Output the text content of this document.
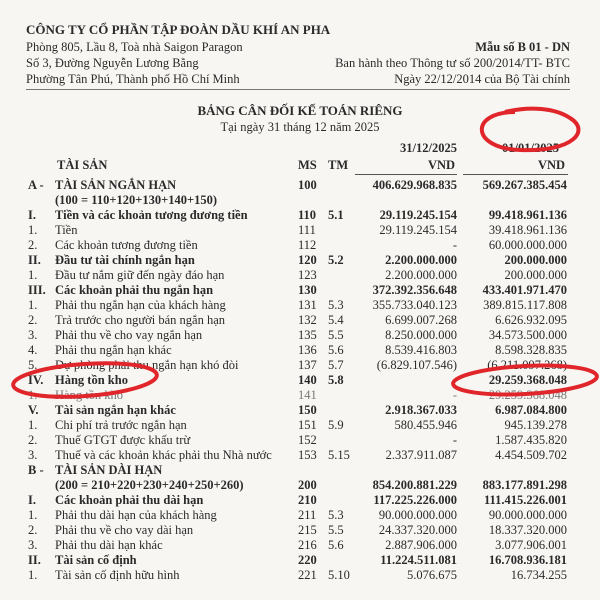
CÔNG TY CỔ PHẦN TẬP ĐOÀN DẦU KHÍ AN PHA
Phòng 805, Lầu 8, Toà nhà Saigon Paragon
Số 3, Đường Nguyễn Lương Bằng
Phường Tân Phú, Thành phố Hồ Chí Minh
Mẫu số B 01 - DN
Ban hành theo Thông tư số 200/2014/TT- BTC
Ngày 22/12/2014 của Bộ Tài chính
BẢNG CÂN ĐỐI KẾ TOÁN RIÊNG
Tại ngày 31 tháng 12 năm 2025
31/12/2025	01/01/2025
TÀI SẢN	MS TM	VND	VND
A - TÀI SẢN NGẮN HẠN	100	406.629.968.835 569.267.385.454
(100 = 110+120+130+140+150)
I. Tiền và các khoản tương đương tiền	110 5.1	29.119.245.154	99.418.961.136
1. Tiền	111	29.119.245.154	39.418.961.136
2. Các khoản tương đương tiền	112	-	60.000.000.000
II. Đầu tư tài chính ngắn hạn	120 5.2	2.200.000.000	200.000.000
1. Đầu tư nắm giữ đến ngày đáo hạn	123	2.200.000.000	200.000.000
III. Các khoản phải thu ngắn hạn	130	372.392.356.648 433.401.971.470
1. Phải thu ngắn hạn của khách hàng	131 5.3 355.733.040.123 389.815.117.808
2. Trả trước cho người bán ngắn hạn	132 5.4	6.699.007.268	6.626.932.095
3. Phải thu về cho vay ngắn hạn	135 5.5	8.250.000.000	34.573.500.000
4. Phải thu ngắn hạn khác	136 5.6	8.539.416.803	8.598.328.835
5. Dự phòng phải thu ngắn hạn khó đòi	137 5.7	(6.829.107.546) (6.211.097.268)
IV. Hàng tồn kho	140 5.8	-	29.259.368.048
1. Hàng tồn kho	141	-	29.259.368.048
V. Tài sản ngắn hạn khác	150	2.918.367.033	6.987.084.800
1. Chi phí trả trước ngắn hạn	151 5.9	580.455.946	945.139.278
2. Thuế GTGT được khấu trừ	152	-	1.587.435.820
3. Thuế và các khoản khác phải thu Nhà nước 153 5.15	2.337.911.087	4.454.509.702
B - TÀI SẢN DÀI HẠN
(200 = 210+220+230+240+250+260)	200	854.200.881.229 883.177.891.298
I. Các khoản phải thu dài hạn	210	117.225.226.000 111.415.226.001
1. Phải thu dài hạn của khách hàng	211 5.3	90.000.000.000	90.000.000.000
2. Phải thu về cho vay dài hạn	215 5.5	24.337.320.000	18.337.320.000
3. Phải thu dài hạn khác	216 5.6	2.887.906.000	3.077.906.001
II. Tài sản cố định	220	11.224.511.081	16.708.936.181
1. Tài sản cố định hữu hình	221 5.10	5.076.675	16.734.255
